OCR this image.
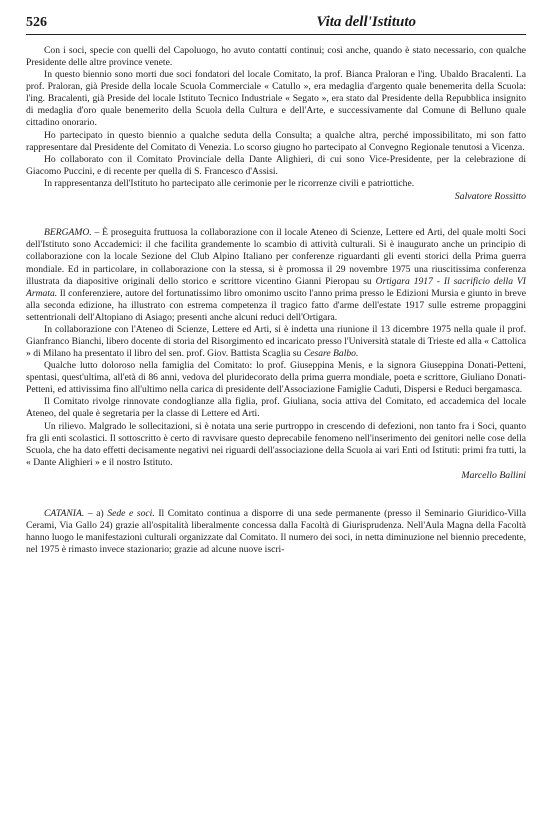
526	Vita dell'Istituto

Con i soci, specie con quelli del Capoluogo, ho avuto contatti continui; così anche, quando è stato necessario, con qualche Presidente delle altre province venete.

In questo biennio sono morti due soci fondatori del locale Comitato, la prof. Bianca Praloran e l'ing. Ubaldo Bracalenti. La prof. Praloran, già Preside della locale Scuola Commerciale « Catullo », era medaglia d'argento quale benemerita della Scuola: l'ing. Bracalenti, già Preside del locale Istituto Tecnico Industriale « Segato », era stato dal Presidente della Repubblica insignito di medaglia d'oro quale benemerito della Scuola della Cultura e dell'Arte, e successivamente dal Comune di Belluno quale cittadino onorario.

Ho partecipato in questo biennio a qualche seduta della Consulta; a qualche altra, perché impossibilitato, mi son fatto rappresentare dal Presidente del Comitato di Venezia. Lo scorso giugno ho partecipato al Convegno Regionale tenutosi a Vicenza.

Ho collaborato con il Comitato Provinciale della Dante Alighieri, di cui sono Vice-Presidente, per la celebrazione di Giacomo Puccini, e di recente per quella di S. Francesco d'Assisi.

In rappresentanza dell'Istituto ho partecipato alle cerimonie per le ricorrenze civili e patriottiche.

Salvatore Rossitto

BERGAMO. – È proseguita fruttuosa la collaborazione con il locale Ateneo di Scienze, Lettere ed Arti, del quale molti Soci dell'Istituto sono Accademici: il che facilita grandemente lo scambio di attività culturali. Si è inaugurato anche un principio di collaborazione con la locale Sezione del Club Alpino Italiano per conferenze riguardanti gli eventi storici della Prima guerra mondiale. Ed in particolare, in collaborazione con la stessa, si è promossa il 29 novembre 1975 una riuscitissima conferenza illustrata da diapositive originali dello storico e scrittore vicentino Gianni Pieropau su Ortigara 1917 - Il sacrificio della VI Armata. Il conferenziere, autore del fortunatissimo libro omonimo uscito l'anno prima presso le Edizioni Mursia e giunto in breve alla seconda edizione, ha illustrato con estrema competenza il tragico fatto d'arme dell'estate 1917 sulle estreme propaggini settentrionali dell'Altopiano di Asiago; presenti anche alcuni reduci dell'Ortigara.

In collaborazione con l'Ateneo di Scienze, Lettere ed Arti, si è indetta una riunione il 13 dicembre 1975 nella quale il prof. Gianfranco Bianchi, libero docente di storia del Risorgimento ed incaricato presso l'Università statale di Trieste ed alla « Cattolica » di Milano ha presentato il libro del sen. prof. Giov. Battista Scaglia su Cesare Balbo.

Qualche lutto doloroso nella famiglia del Comitato: lo prof. Giuseppina Menis, e la signora Giuseppina Donati-Petteni, spentasi, quest'ultima, all'età di 86 anni, vedova del pluridecorato della prima guerra mondiale, poeta e scrittore, Giuliano Donati-Petteni, ed attivissima fino all'ultimo nella carica di presidente dell'Associazione Famiglie Caduti, Dispersi e Reduci bergamasca.

Il Comitato rivolge rinnovate condoglianze alla figlia, prof. Giuliana, socia attiva del Comitato, ed accademica del locale Ateneo, del quale è segretaria per la classe di Lettere ed Arti.

Un rilievo. Malgrado le sollecitazioni, si è notata una serie purtroppo in crescendo di defezioni, non tanto fra i Soci, quanto fra gli enti scolastici. Il sottoscritto è certo di ravvisare questo deprecabile fenomeno nell'inserimento dei genitori nelle cose della Scuola, che ha dato effetti decisamente negativi nei riguardi dell'associazione della Scuola ai vari Enti od Istituti: primi fra tutti, la « Dante Alighieri » e il nostro Istituto.

Marcello Ballini

CATANIA. – a) Sede e soci. Il Comitato continua a disporre di una sede permanente (presso il Seminario Giuridico-Villa Cerami, Via Gallo 24) grazie all'ospitalità liberalmente concessa dalla Facoltà di Giurisprudenza. Nell'Aula Magna della Facoltà hanno luogo le manifestazioni culturali organizzate dal Comitato. Il numero dei soci, in netta diminuzione nel biennio precedente, nel 1975 è rimasto invece stazionario; grazie ad alcune nuove iscri-
